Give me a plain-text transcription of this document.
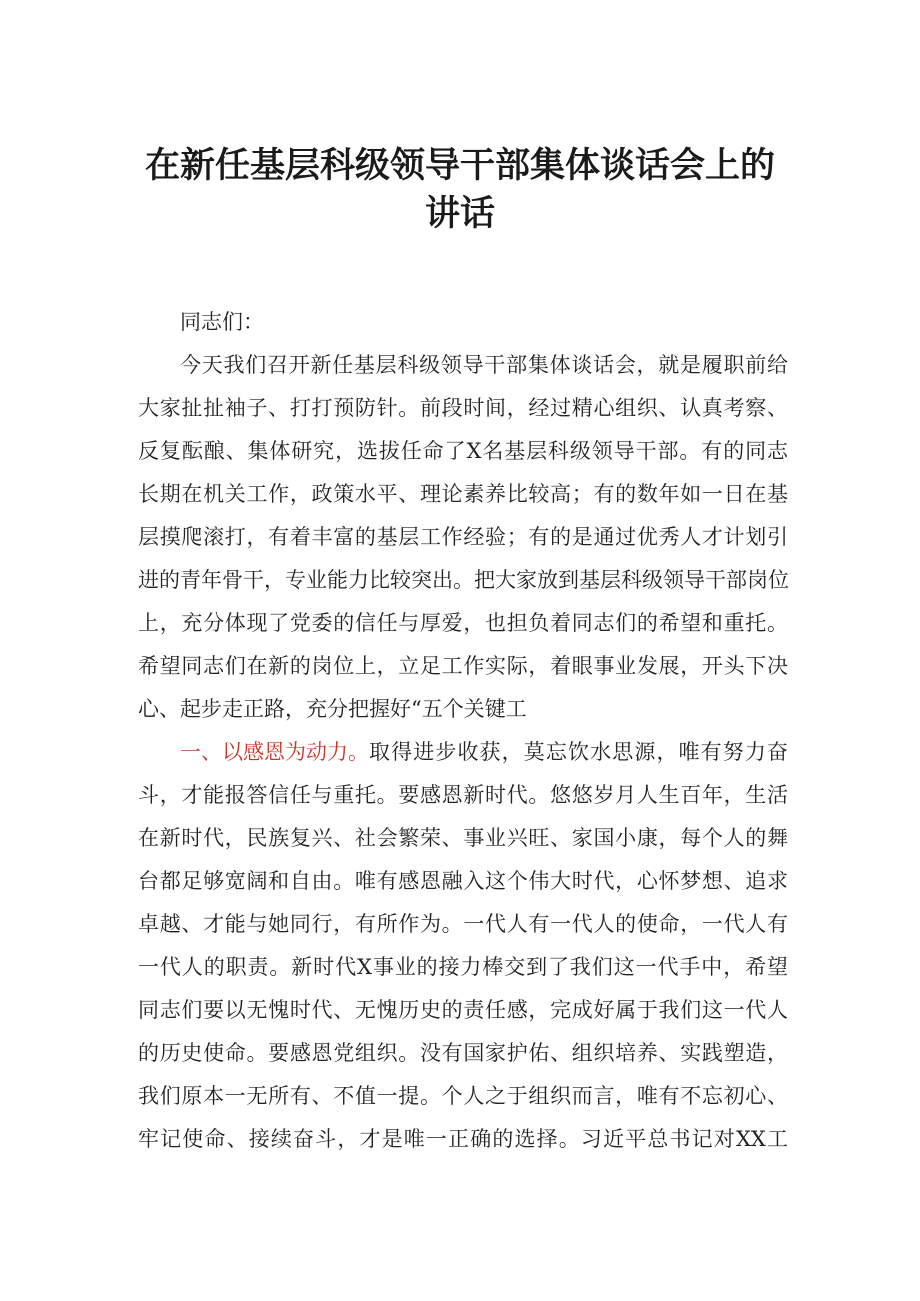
在新任基层科级领导干部集体谈话会上的
讲话
同志们：
今天我们召开新任基层科级领导干部集体谈话会，就是履职前给
大家扯扯袖子、打打预防针。前段时间，经过精心组织、认真考察、
反复酝酿、集体研究，选拔任命了X名基层科级领导干部。有的同志
长期在机关工作，政策水平、理论素养比较高；有的数年如一日在基
层摸爬滚打，有着丰富的基层工作经验；有的是通过优秀人才计划引
进的青年骨干，专业能力比较突出。把大家放到基层科级领导干部岗位
上，充分体现了党委的信任与厚爱，也担负着同志们的希望和重托。
希望同志们在新的岗位上，立足工作实际，着眼事业发展，开头下决
心、起步走正路，充分把握好“五个关键工
一、以感恩为动力。 取得进步收获，莫忘饮水思源，唯有努力奋
斗，才能报答信任与重托。要感恩新时代。悠悠岁月人生百年，生活
在新时代，民族复兴、社会繁荣、事业兴旺、家国小康，每个人的舞
台都足够宽阔和自由。唯有感恩融入这个伟大时代，心怀梦想、追求
卓越、才能与她同行，有所作为。一代人有一代人的使命，一代人有
一代人的职责。新时代X事业的接力棒交到了我们这一代手中，希望
同志们要以无愧时代、无愧历史的责任感，完成好属于我们这一代人
的历史使命。要感恩党组织。没有国家护佑、组织培养、实践塑造，
我们原本一无所有、不值一提。个人之于组织而言，唯有不忘初心、
牢记使命、接续奋斗，才是唯一正确的选择。习近平总书记对XX工
